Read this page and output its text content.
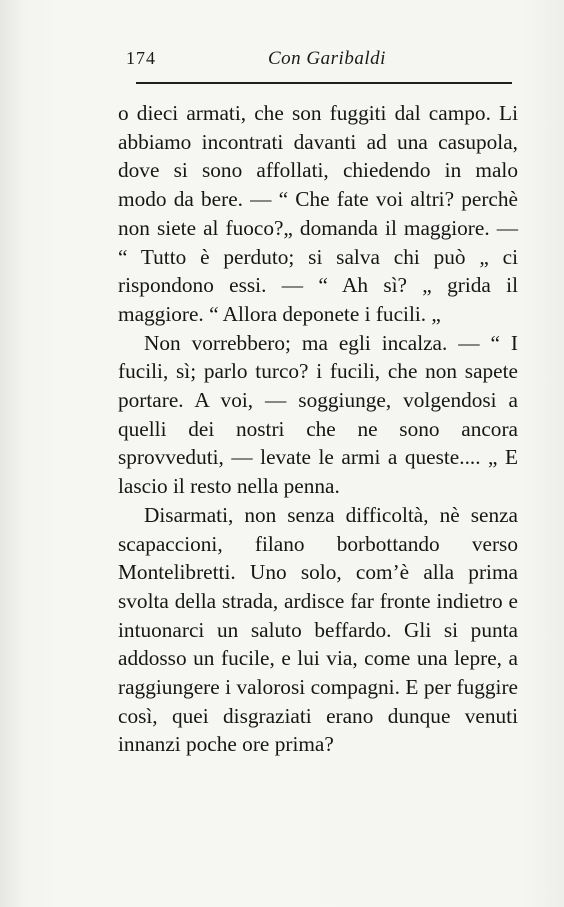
174	Con Garibaldi

o dieci armati, che son fuggiti dal campo. Li abbiamo incontrati davanti ad una casupola, dove si sono affollati, chiedendo in malo modo da bere. — “ Che fate voi altri? perchè non siete al fuoco?„ domanda il maggiore. — “ Tutto è perduto; si salva chi può „ ci rispondono essi. — “ Ah sì? „ grida il maggiore. “ Allora deponete i fucili. „

Non vorrebbero; ma egli incalza. — “ I fucili, sì; parlo turco? i fucili, che non sapete portare. A voi, — soggiunge, volgendosi a quelli dei nostri che ne sono ancora sprovveduti, — levate le armi a queste.... „ E lascio il resto nella penna.

Disarmati, non senza difficoltà, nè senza scapaccioni, filano borbottando verso Montelibretti. Uno solo, com’è alla prima svolta della strada, ardisce far fronte indietro e intuonarci un saluto beffardo. Gli si punta addosso un fucile, e lui via, come una lepre, a raggiungere i valorosi compagni. E per fuggire così, quei disgraziati erano dunque venuti innanzi poche ore prima?
